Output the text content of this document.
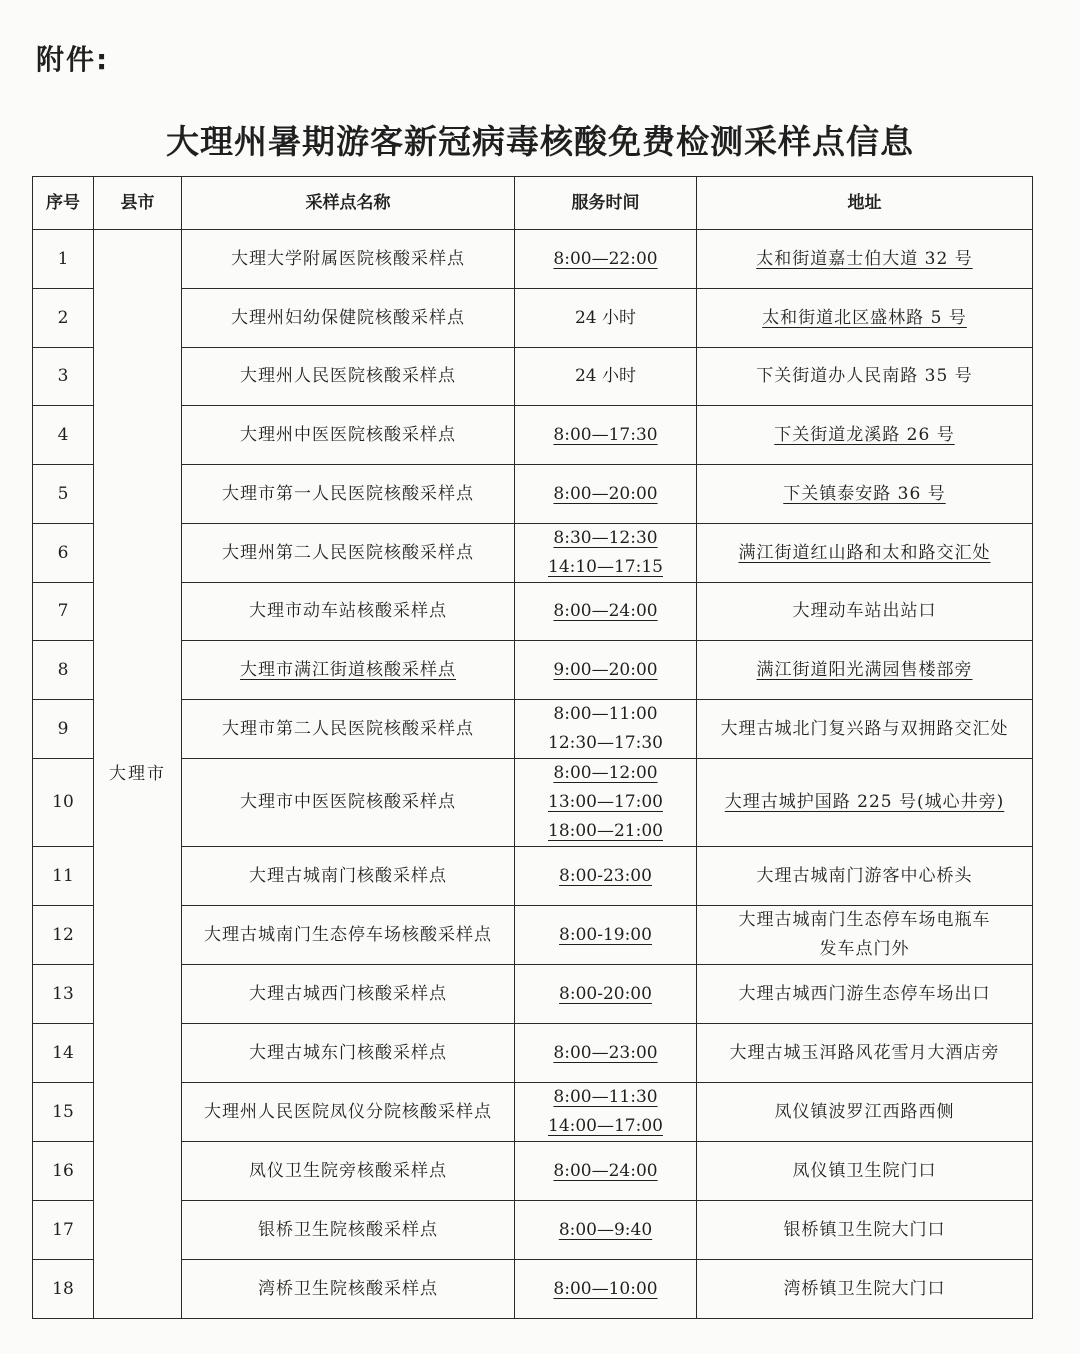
附件:
大理州暑期游客新冠病毒核酸免费检测采样点信息
序号	县市	采样点名称	服务时间	地址
1	大理市	大理大学附属医院核酸采样点	8:00—22:00	太和街道嘉士伯大道 32 号

2		大理州妇幼保健院核酸采样点	24 小时	太和街道北区盛林路 5 号

3		大理州人民医院核酸采样点	24 小时	下关街道办人民南路 35 号

4		大理州中医医院核酸采样点	8:00—17:30	下关街道龙溪路 26 号

5		大理市第一人民医院核酸采样点	8:00—20:00	下关镇泰安路 36 号

6		大理州第二人民医院核酸采样点	8:30—12:30
14:10—17:15	满江街道红山路和太和路交汇处

7		大理市动车站核酸采样点	8:00—24:00	大理动车站出站口

8		大理市满江街道核酸采样点	9:00—20:00	满江街道阳光满园售楼部旁

9		大理市第二人民医院核酸采样点	8:00—11:00
12:30—17:30	大理古城北门复兴路与双拥路交汇处

10		大理市中医医院核酸采样点	8:00—12:00
13:00—17:00
18:00—21:00	大理古城护国路 225 号(城心井旁)

11		大理古城南门核酸采样点	8:00-23:00	大理古城南门游客中心桥头

12		大理古城南门生态停车场核酸采样点	8:00-19:00	大理古城南门生态停车场电瓶车
发车点门外

13		大理古城西门核酸采样点	8:00-20:00	大理古城西门游生态停车场出口

14		大理古城东门核酸采样点	8:00—23:00	大理古城玉洱路风花雪月大酒店旁

15		大理州人民医院凤仪分院核酸采样点	8:00—11:30
14:00—17:00	凤仪镇波罗江西路西侧

16		凤仪卫生院旁核酸采样点	8:00—24:00	凤仪镇卫生院门口

17		银桥卫生院核酸采样点	8:00—9:40	银桥镇卫生院大门口

18		湾桥卫生院核酸采样点	8:00—10:00	湾桥镇卫生院大门口
